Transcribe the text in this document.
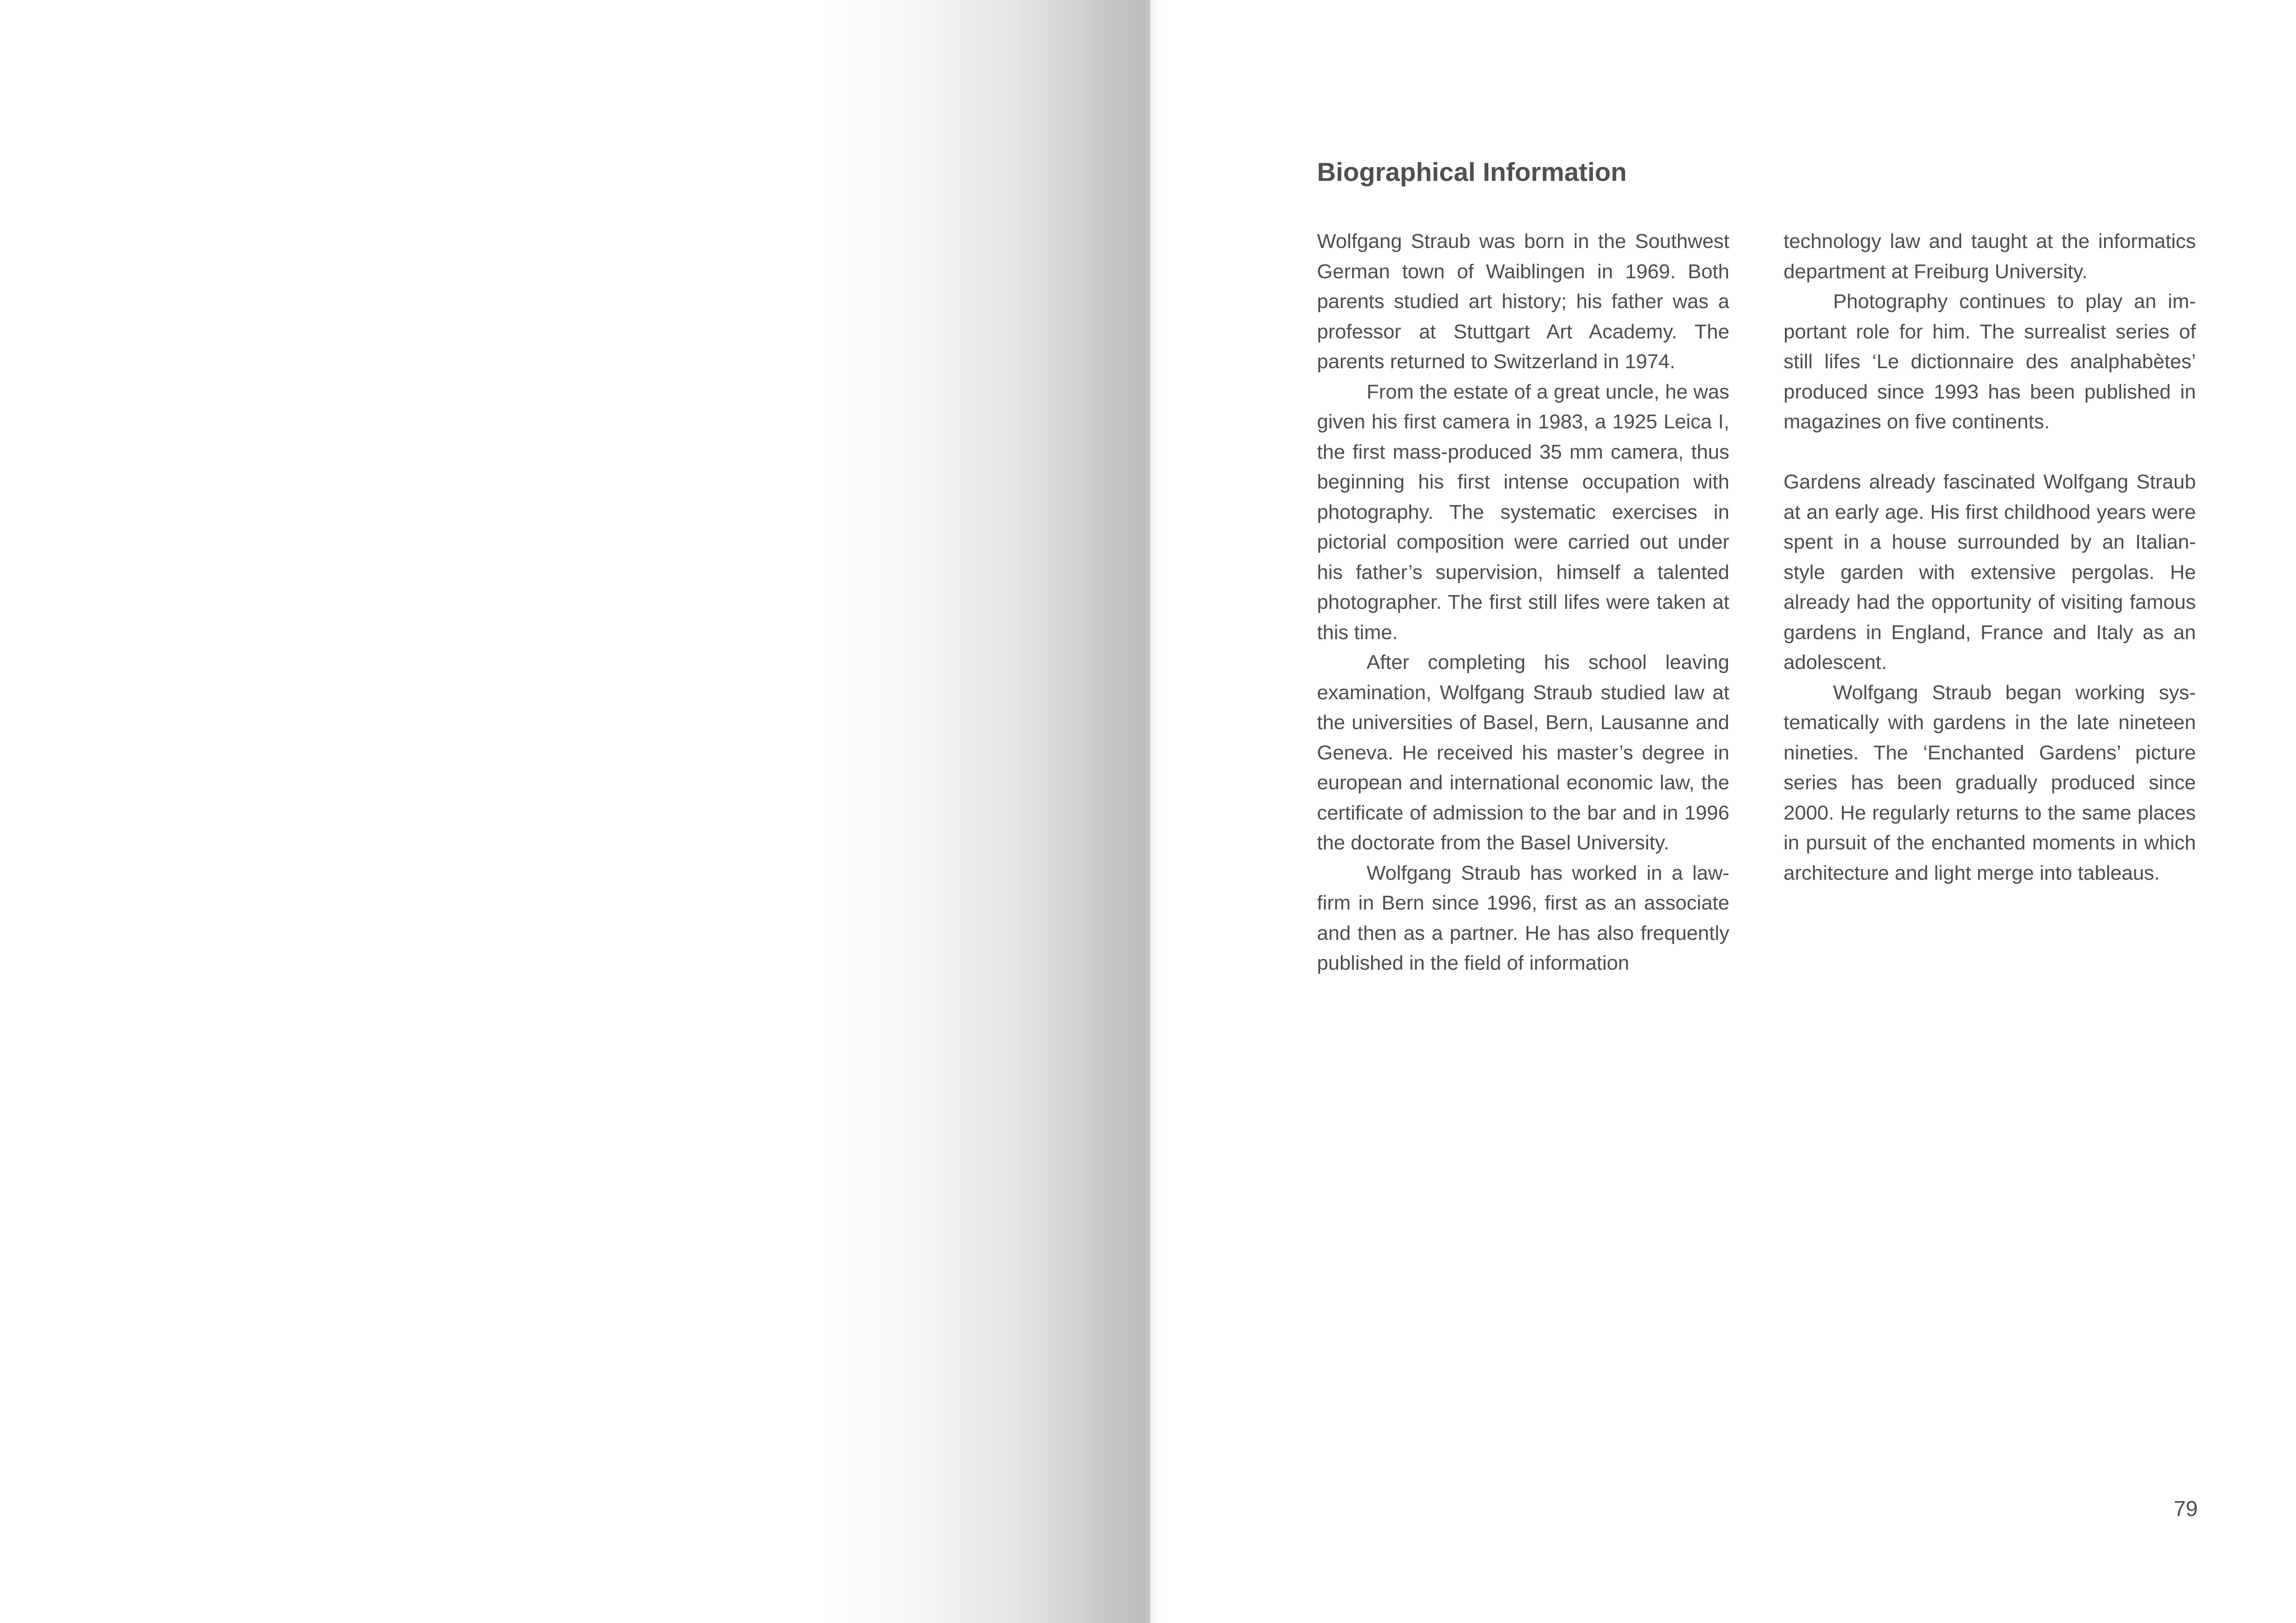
Biographical Information

Wolfgang Straub was born in the Southwest German town of Waiblingen in 1969. Both parents studied art history; his father was a professor at Stuttgart Art Academy. The parents returned to Switzerland in 1974.

From the estate of a great uncle, he was given his first camera in 1983, a 1925 Leica I, the first mass-produced 35 mm camera, thus beginning his first intense occupation with photography. The systematic exercises in pictorial composition were carried out under his father’s supervision, himself a talented photographer. The first still lifes were taken at this time.

After completing his school leaving examination, Wolfgang Straub studied law at the universities of Basel, Bern, Lausanne and Geneva. He received his master’s degree in european and international economic law, the certificate of admission to the bar and in 1996 the doctorate from the Basel University.

Wolfgang Straub has worked in a lawfirm in Bern since 1996, first as an associate and then as a partner. He has also frequently published in the field of information

technology law and taught at the informatics department at Freiburg University.

Photography continues to play an important role for him. The surrealist series of still lifes ‘Le dictionnaire des analphabètes’ produced since 1993 has been published in magazines on five continents.

Gardens already fascinated Wolfgang Straub at an early age. His first childhood years were spent in a house surrounded by an Italian-style garden with extensive pergolas. He already had the opportunity of visiting famous gardens in England, France and Italy as an adolescent.

Wolfgang Straub began working systematically with gardens in the late nineteen nineties. The ‘Enchanted Gardens’ picture series has been gradually produced since 2000. He regularly returns to the same places in pursuit of the enchanted moments in which architecture and light merge into tableaus.

79
